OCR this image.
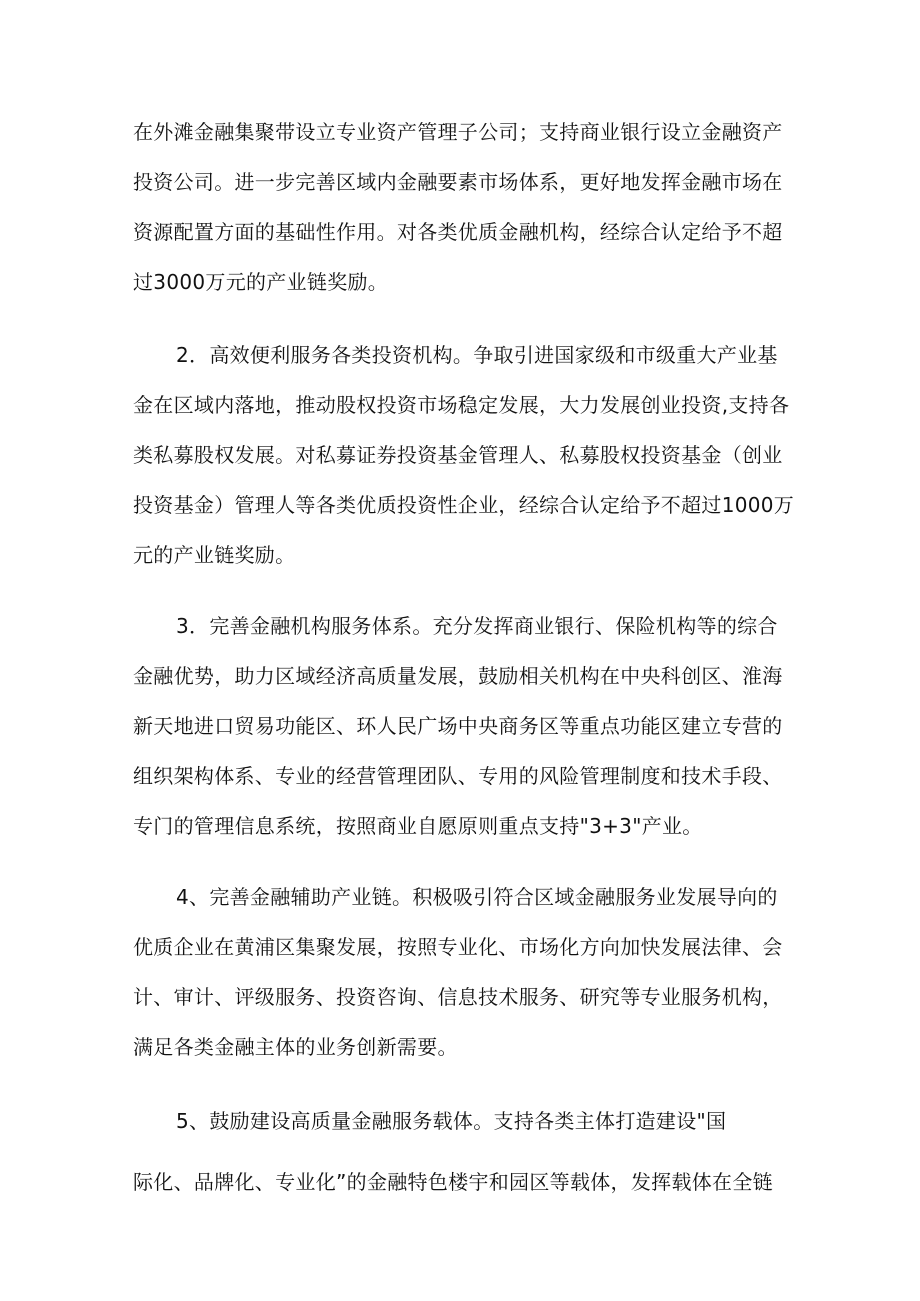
在外滩金融集聚带设立专业资产管理子公司；支持商业银行设立金融资产
投资公司。进一步完善区域内金融要素市场体系，更好地发挥金融市场在
资源配置方面的基础性作用。对各类优质金融机构，经综合认定给予不超
过3000万元的产业链奖励。
2．高效便利服务各类投资机构。争取引进国家级和市级重大产业基
金在区域内落地，推动股权投资市场稳定发展，大力发展创业投资,支持各
类私募股权发展。对私募证券投资基金管理人、私募股权投资基金（创业
投资基金）管理人等各类优质投资性企业，经综合认定给予不超过1000万
元的产业链奖励。
3．完善金融机构服务体系。充分发挥商业银行、保险机构等的综合
金融优势，助力区域经济高质量发展，鼓励相关机构在中央科创区、淮海
新天地进口贸易功能区、环人民广场中央商务区等重点功能区建立专营的
组织架构体系、专业的经营管理团队、专用的风险管理制度和技术手段、
专门的管理信息系统，按照商业自愿原则重点支持"3+3"产业。
4、完善金融辅助产业链。积极吸引符合区域金融服务业发展导向的
优质企业在黄浦区集聚发展，按照专业化、市场化方向加快发展法律、会
计、审计、评级服务、投资咨询、信息技术服务、研究等专业服务机构，
满足各类金融主体的业务创新需要。
5、鼓励建设高质量金融服务载体。支持各类主体打造建设"国
际化、品牌化、专业化”的金融特色楼宇和园区等载体，发挥载体在全链
